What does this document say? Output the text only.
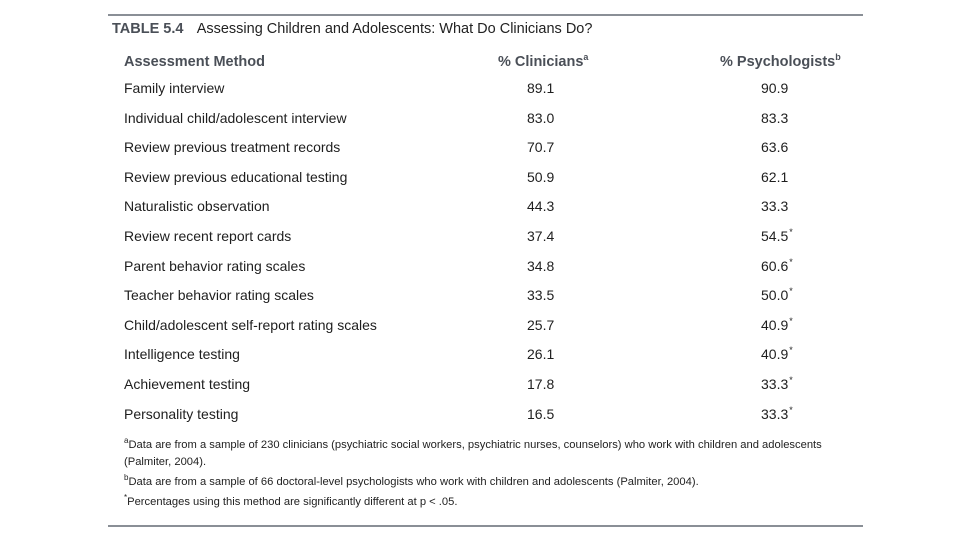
TABLE 5.4 Assessing Children and Adolescents: What Do Clinicians Do?
Assessment Method	% Clinicians$^a$	% Psychologists$^b$
Family interview	89.1	90.9
Individual child/adolescent interview	83.0	83.3
Review previous treatment records	70.7	63.6
Review previous educational testing	50.9	62.1
Naturalistic observation	44.3	33.3
Review recent report cards	37.4	54.5*
Parent behavior rating scales	34.8	60.6*
Teacher behavior rating scales	33.5	50.0*
Child/adolescent self-report rating scales	25.7	40.9*
Intelligence testing	26.1	40.9*
Achievement testing	17.8	33.3*
Personality testing	16.5	33.3*
$^a$Data are from a sample of 230 clinicians (psychiatric social workers, psychiatric nurses, counselors) who work with children and adolescents (Palmiter, 2004).
$^b$Data are from a sample of 66 doctoral-level psychologists who work with children and adolescents (Palmiter, 2004).
*Percentages using this method are significantly different at p < .05.
